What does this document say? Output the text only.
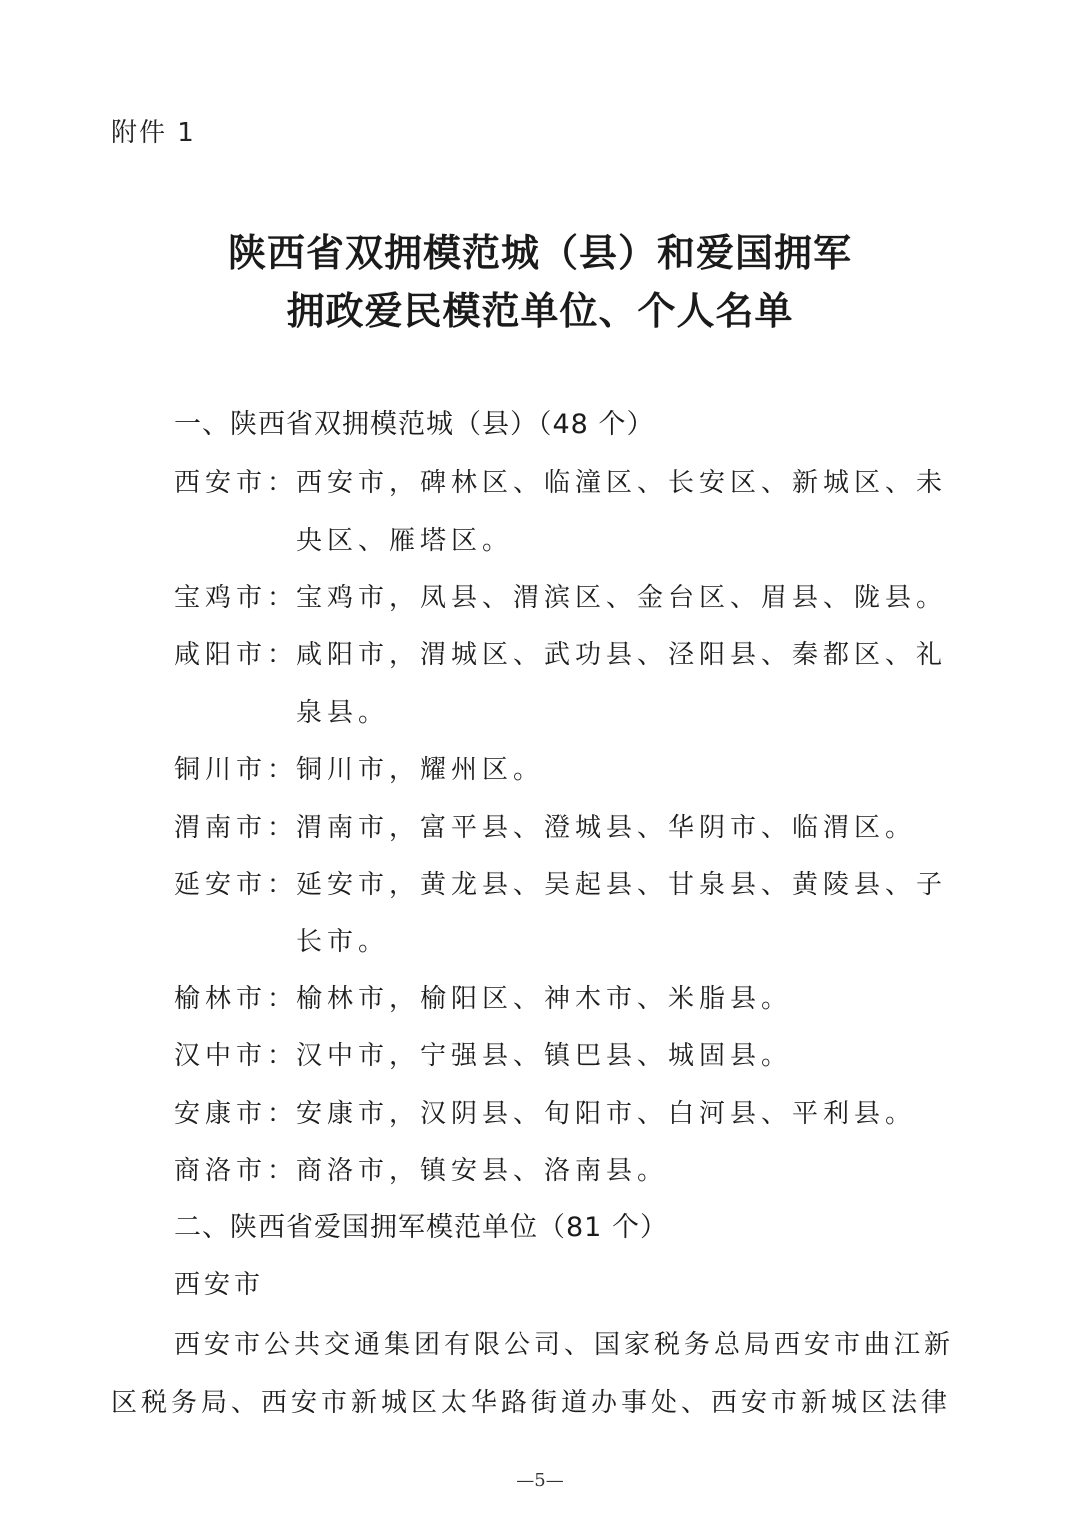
附件 1
陕西省双拥模范城（县）和爱国拥军
拥政爱民模范单位、个人名单
一、陕西省双拥模范城（县）（48 个）
西安市：
西安市，碑林区、临潼区、长安区、新城区、未
央区、雁塔区。
宝鸡市：
宝鸡市，凤县、渭滨区、金台区、眉县、陇县。
咸阳市：
咸阳市，渭城区、武功县、泾阳县、秦都区、礼
泉县。
铜川市：
铜川市，耀州区。
渭南市：
渭南市，富平县、澄城县、华阴市、临渭区。
延安市：
延安市，黄龙县、吴起县、甘泉县、黄陵县、子
长市。
榆林市：
榆林市，榆阳区、神木市、米脂县。
汉中市：
汉中市，宁强县、镇巴县、城固县。
安康市：
安康市，汉阴县、旬阳市、白河县、平利县。
商洛市：
商洛市，镇安县、洛南县。
二、陕西省爱国拥军模范单位（81 个）
西安市
西安市公共交通集团有限公司、国家税务总局西安市曲江新
区税务局、西安市新城区太华路街道办事处、西安市新城区法律
—5—
